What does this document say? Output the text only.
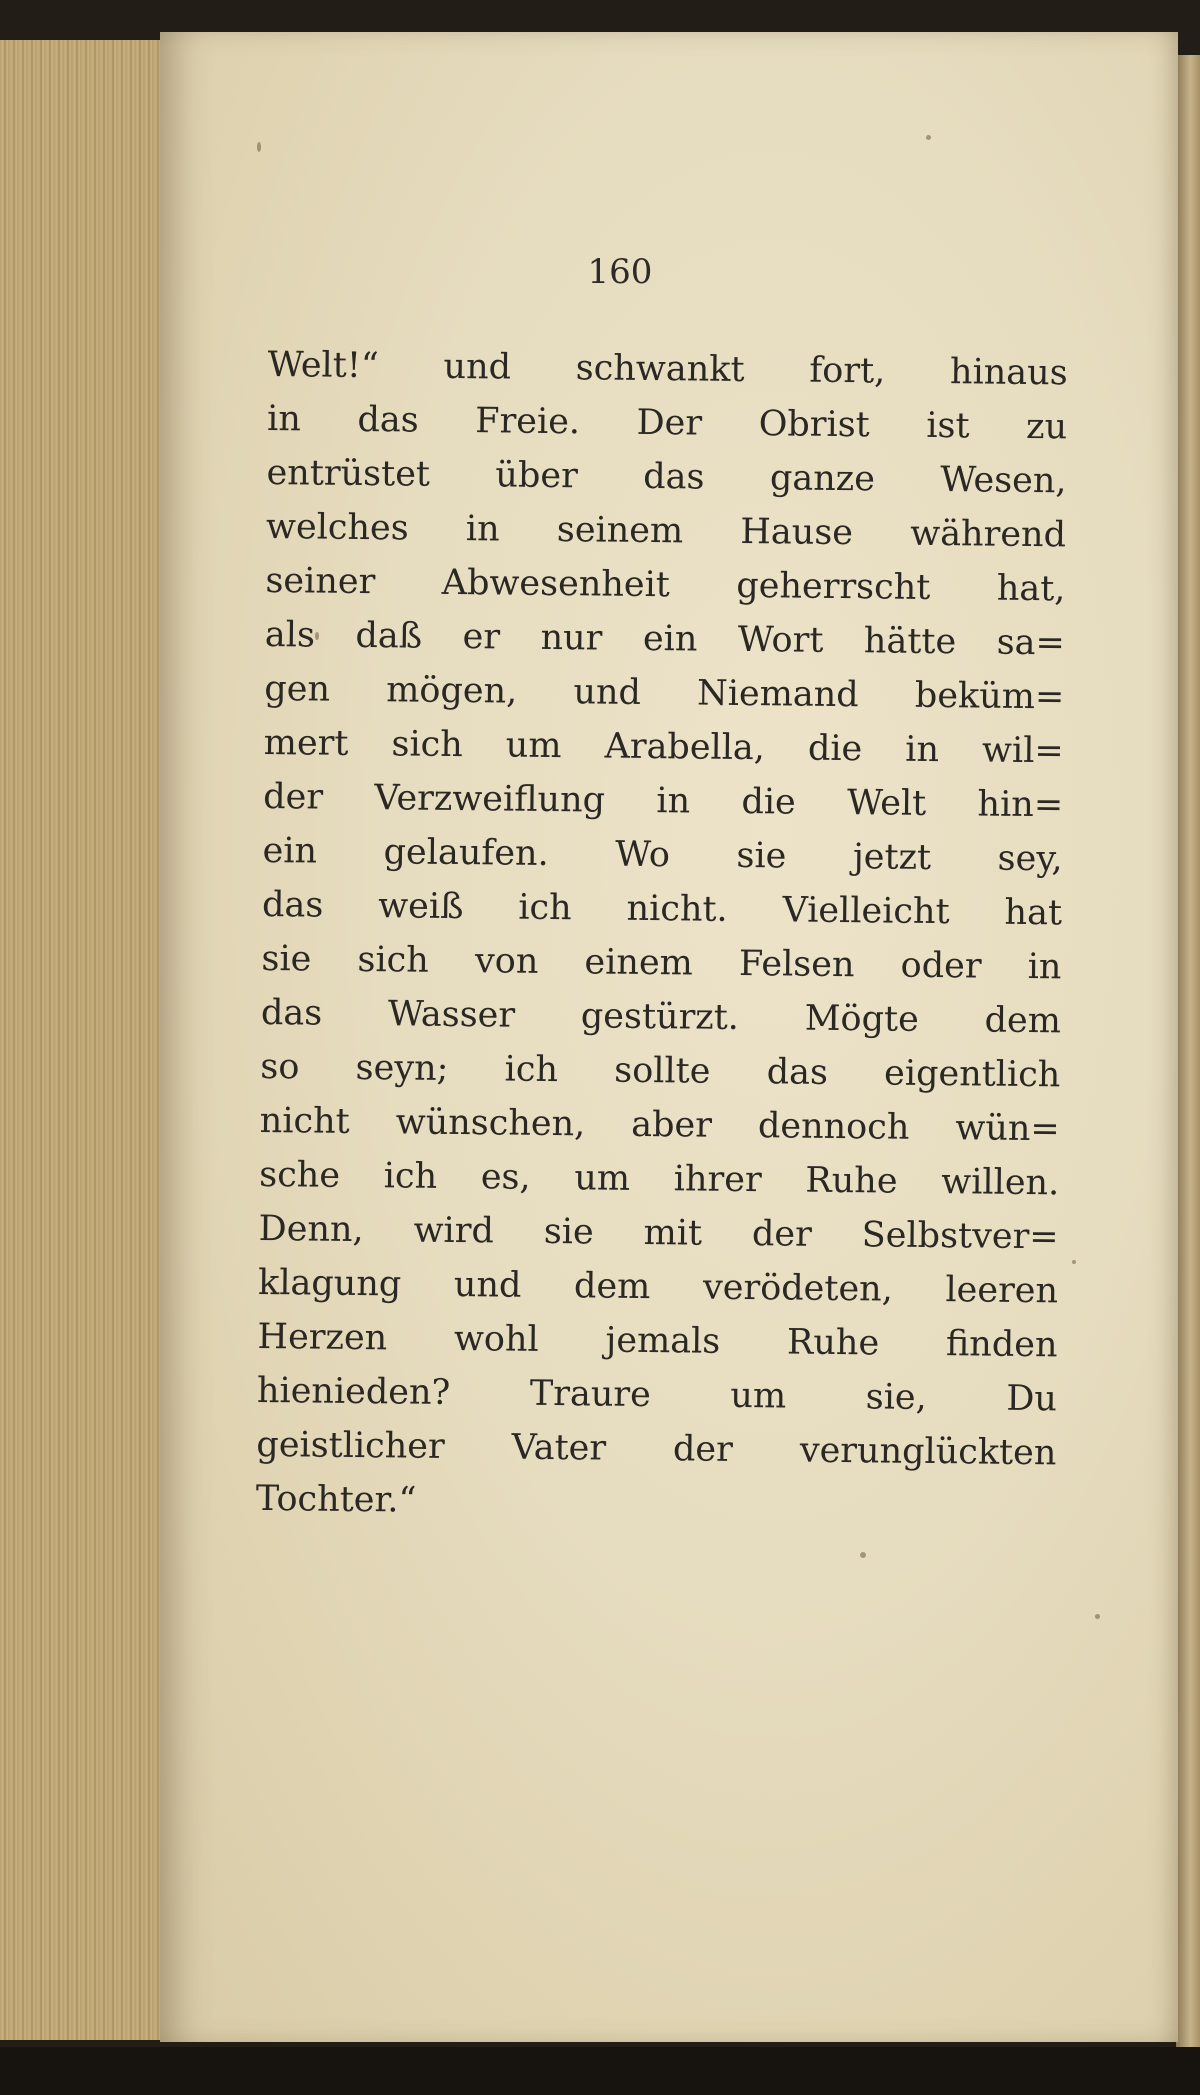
160
Welt!“ und schwankt fort, hinaus
in das Freie. Der Obrist ist zu
entrüstet über das ganze Wesen,
welches in seinem Hause während
seiner Abwesenheit geherrscht hat,
als daß er nur ein Wort hätte sa=
gen mögen, und Niemand beküm=
mert sich um Arabella, die in wil=
der Verzweiflung in die Welt hin=
ein gelaufen. Wo sie jetzt sey,
das weiß ich nicht. Vielleicht hat
sie sich von einem Felsen oder in
das Wasser gestürzt. Mögte dem
so seyn; ich sollte das eigentlich
nicht wünschen, aber dennoch wün=
sche ich es, um ihrer Ruhe willen.
Denn, wird sie mit der Selbstver=
klagung und dem verödeten, leeren
Herzen wohl jemals Ruhe finden
hienieden? Traure um sie, Du
geistlicher Vater der verunglückten
Tochter.“
